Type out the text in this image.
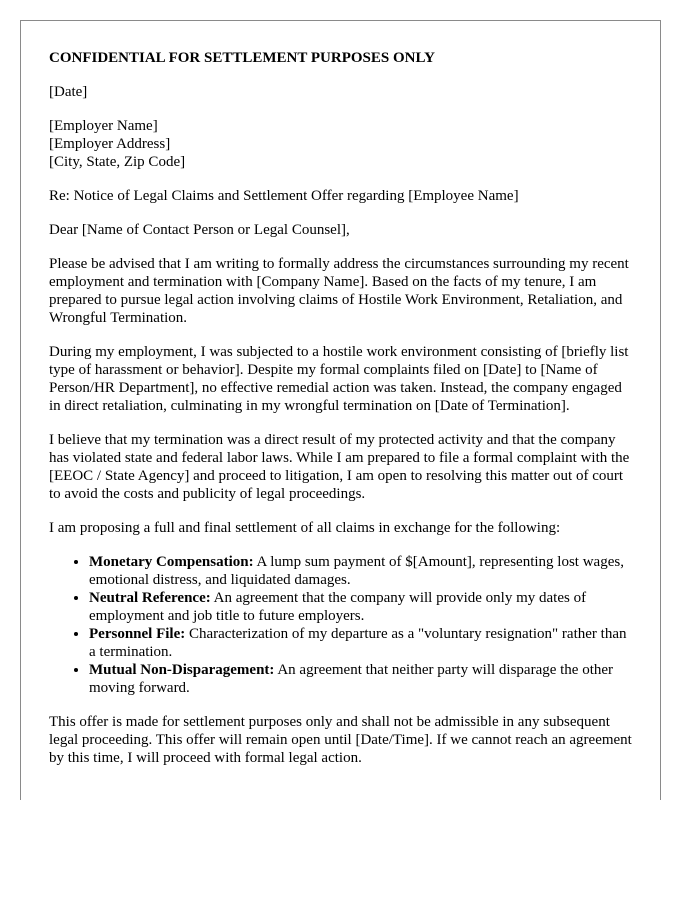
CONFIDENTIAL FOR SETTLEMENT PURPOSES ONLY
[Date]
[Employer Name]
[Employer Address]
[City, State, Zip Code]
Re: Notice of Legal Claims and Settlement Offer regarding [Employee Name]
Dear [Name of Contact Person or Legal Counsel],

Please be advised that I am writing to formally address the circumstances surrounding my recent employment and termination with [Company Name]. Based on the facts of my tenure, I am prepared to pursue legal action involving claims of Hostile Work Environment, Retaliation, and Wrongful Termination.

During my employment, I was subjected to a hostile work environment consisting of [briefly list type of harassment or behavior]. Despite my formal complaints filed on [Date] to [Name of Person/HR Department], no effective remedial action was taken. Instead, the company engaged in direct retaliation, culminating in my wrongful termination on [Date of Termination].

I believe that my termination was a direct result of my protected activity and that the company has violated state and federal labor laws. While I am prepared to file a formal complaint with the [EEOC / State Agency] and proceed to litigation, I am open to resolving this matter out of court to avoid the costs and publicity of legal proceedings.

I am proposing a full and final settlement of all claims in exchange for the following:

• Monetary Compensation: A lump sum payment of $[Amount], representing lost wages, emotional distress, and liquidated damages.
• Neutral Reference: An agreement that the company will provide only my dates of employment and job title to future employers.
• Personnel File: Characterization of my departure as a "voluntary resignation" rather than a termination.
• Mutual Non-Disparagement: An agreement that neither party will disparage the other moving forward.

This offer is made for settlement purposes only and shall not be admissible in any subsequent legal proceeding. This offer will remain open until [Date/Time]. If we cannot reach an agreement by this time, I will proceed with formal legal action.
